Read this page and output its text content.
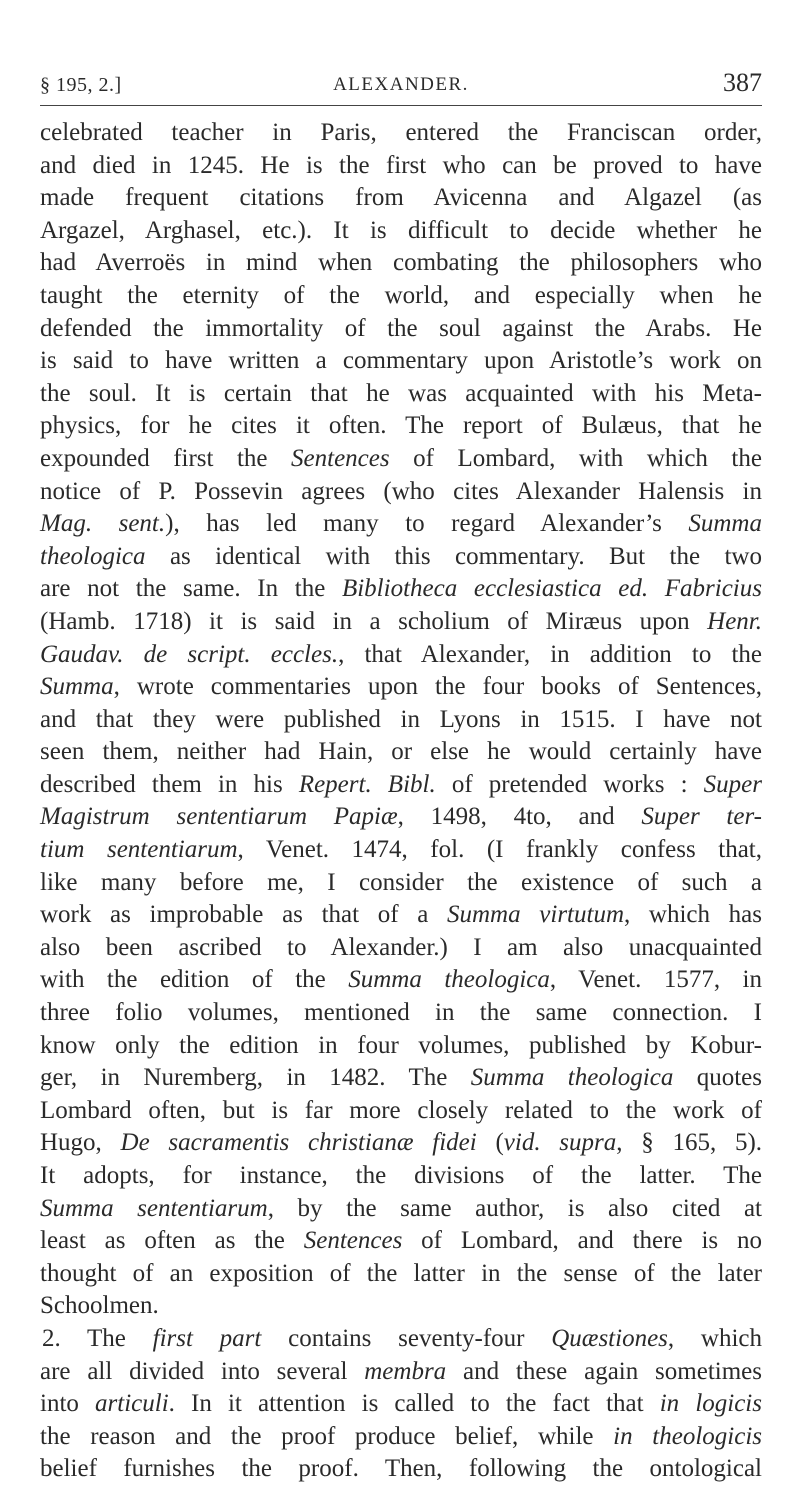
§ 195, 2.]	ALEXANDER.	387
celebrated teacher in Paris, entered the Franciscan order,
and died in 1245. He is the first who can be proved to have
made frequent citations from Avicenna and Algazel (as
Argazel, Arghasel, etc.). It is difficult to decide whether he
had Averroës in mind when combating the philosophers who
taught the eternity of the world, and especially when he
defended the immortality of the soul against the Arabs. He
is said to have written a commentary upon Aristotle’s work on
the soul. It is certain that he was acquainted with his Meta-
physics, for he cites it often. The report of Bulæus, that he
expounded first the Sentences of Lombard, with which the
notice of P. Possevin agrees (who cites Alexander Halensis in
Mag. sent.), has led many to regard Alexander’s Summa
theologica as identical with this commentary. But the two
are not the same. In the Bibliotheca ecclesiastica ed. Fabricius
(Hamb. 1718) it is said in a scholium of Miræus upon Henr.
Gaudav. de script. eccles., that Alexander, in addition to the
Summa, wrote commentaries upon the four books of Sentences,
and that they were published in Lyons in 1515. I have not
seen them, neither had Hain, or else he would certainly have
described them in his Repert. Bibl. of pretended works : Super
Magistrum sententiarum Papiæ, 1498, 4to, and Super ter-
tium sententiarum, Venet. 1474, fol. (I frankly confess that,
like many before me, I consider the existence of such a
work as improbable as that of a Summa virtutum, which has
also been ascribed to Alexander.) I am also unacquainted
with the edition of the Summa theologica, Venet. 1577, in
three folio volumes, mentioned in the same connection. I
know only the edition in four volumes, published by Kobur-
ger, in Nuremberg, in 1482. The Summa theologica quotes
Lombard often, but is far more closely related to the work of
Hugo, De sacramentis christianæ fidei (vid. supra, § 165, 5).
It adopts, for instance, the divisions of the latter. The
Summa sententiarum, by the same author, is also cited at
least as often as the Sentences of Lombard, and there is no
thought of an exposition of the latter in the sense of the later
Schoolmen.
2. The first part contains seventy-four Quæstiones, which
are all divided into several membra and these again sometimes
into articuli. In it attention is called to the fact that in logicis
the reason and the proof produce belief, while in theologicis
belief furnishes the proof. Then, following the ontological
